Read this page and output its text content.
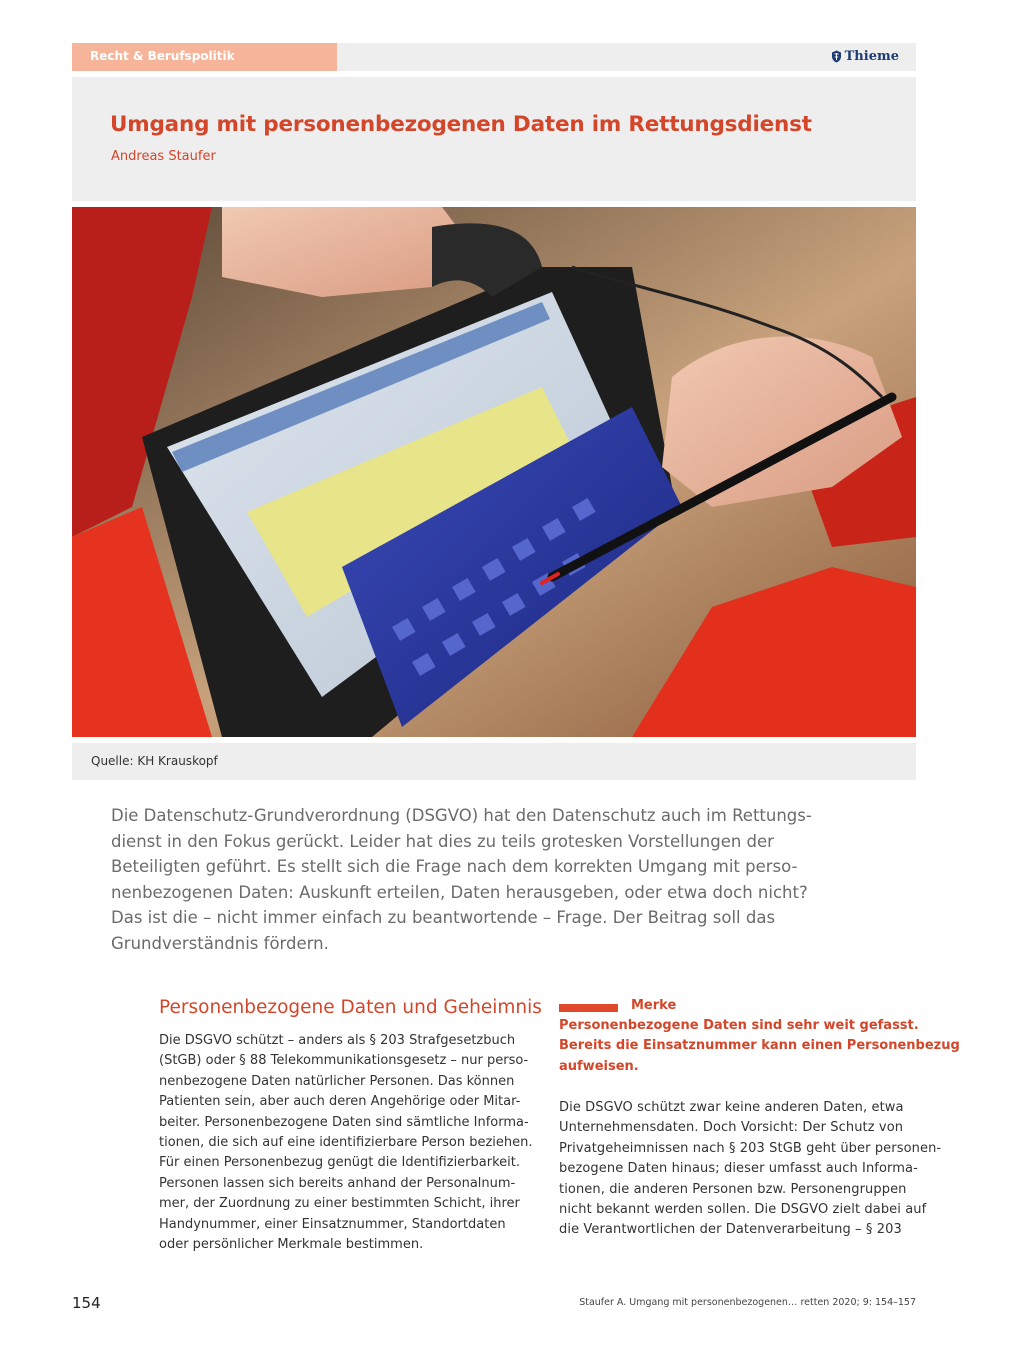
Recht & Berufspolitik	Thieme
Umgang mit personenbezogenen Daten im Rettungsdienst
Andreas Staufer
Quelle: KH Krauskopf
Die Datenschutz-Grundverordnung (DSGVO) hat den Datenschutz auch im Rettungs-
dienst in den Fokus gerückt. Leider hat dies zu teils grotesken Vorstellungen der
Beteiligten geführt. Es stellt sich die Frage nach dem korrekten Umgang mit perso-
nenbezogenen Daten: Auskunft erteilen, Daten herausgeben, oder etwa doch nicht?
Das ist die – nicht immer einfach zu beantwortende – Frage. Der Beitrag soll das
Grundverständnis fördern.
Personenbezogene Daten und Geheimnis
Die DSGVO schützt – anders als § 203 Strafgesetzbuch
(StGB) oder § 88 Telekommunikationsgesetz – nur perso-
nenbezogene Daten natürlicher Personen. Das können
Patienten sein, aber auch deren Angehörige oder Mitar-
beiter. Personenbezogene Daten sind sämtliche Informa-
tionen, die sich auf eine identifizierbare Person beziehen.
Für einen Personenbezug genügt die Identifizierbarkeit.
Personen lassen sich bereits anhand der Personalnum-
mer, der Zuordnung zu einer bestimmten Schicht, ihrer
Handynummer, einer Einsatznummer, Standortdaten
oder persönlicher Merkmale bestimmen.
Merke
Personenbezogene Daten sind sehr weit gefasst.
Bereits die Einsatznummer kann einen Personenbezug
aufweisen.
Die DSGVO schützt zwar keine anderen Daten, etwa
Unternehmensdaten. Doch Vorsicht: Der Schutz von
Privatgeheimnissen nach § 203 StGB geht über personen-
bezogene Daten hinaus; dieser umfasst auch Informa-
tionen, die anderen Personen bzw. Personengruppen
nicht bekannt werden sollen. Die DSGVO zielt dabei auf
die Verantwortlichen der Datenverarbeitung – § 203
154	Staufer A. Umgang mit personenbezogenen… retten 2020; 9: 154–157
